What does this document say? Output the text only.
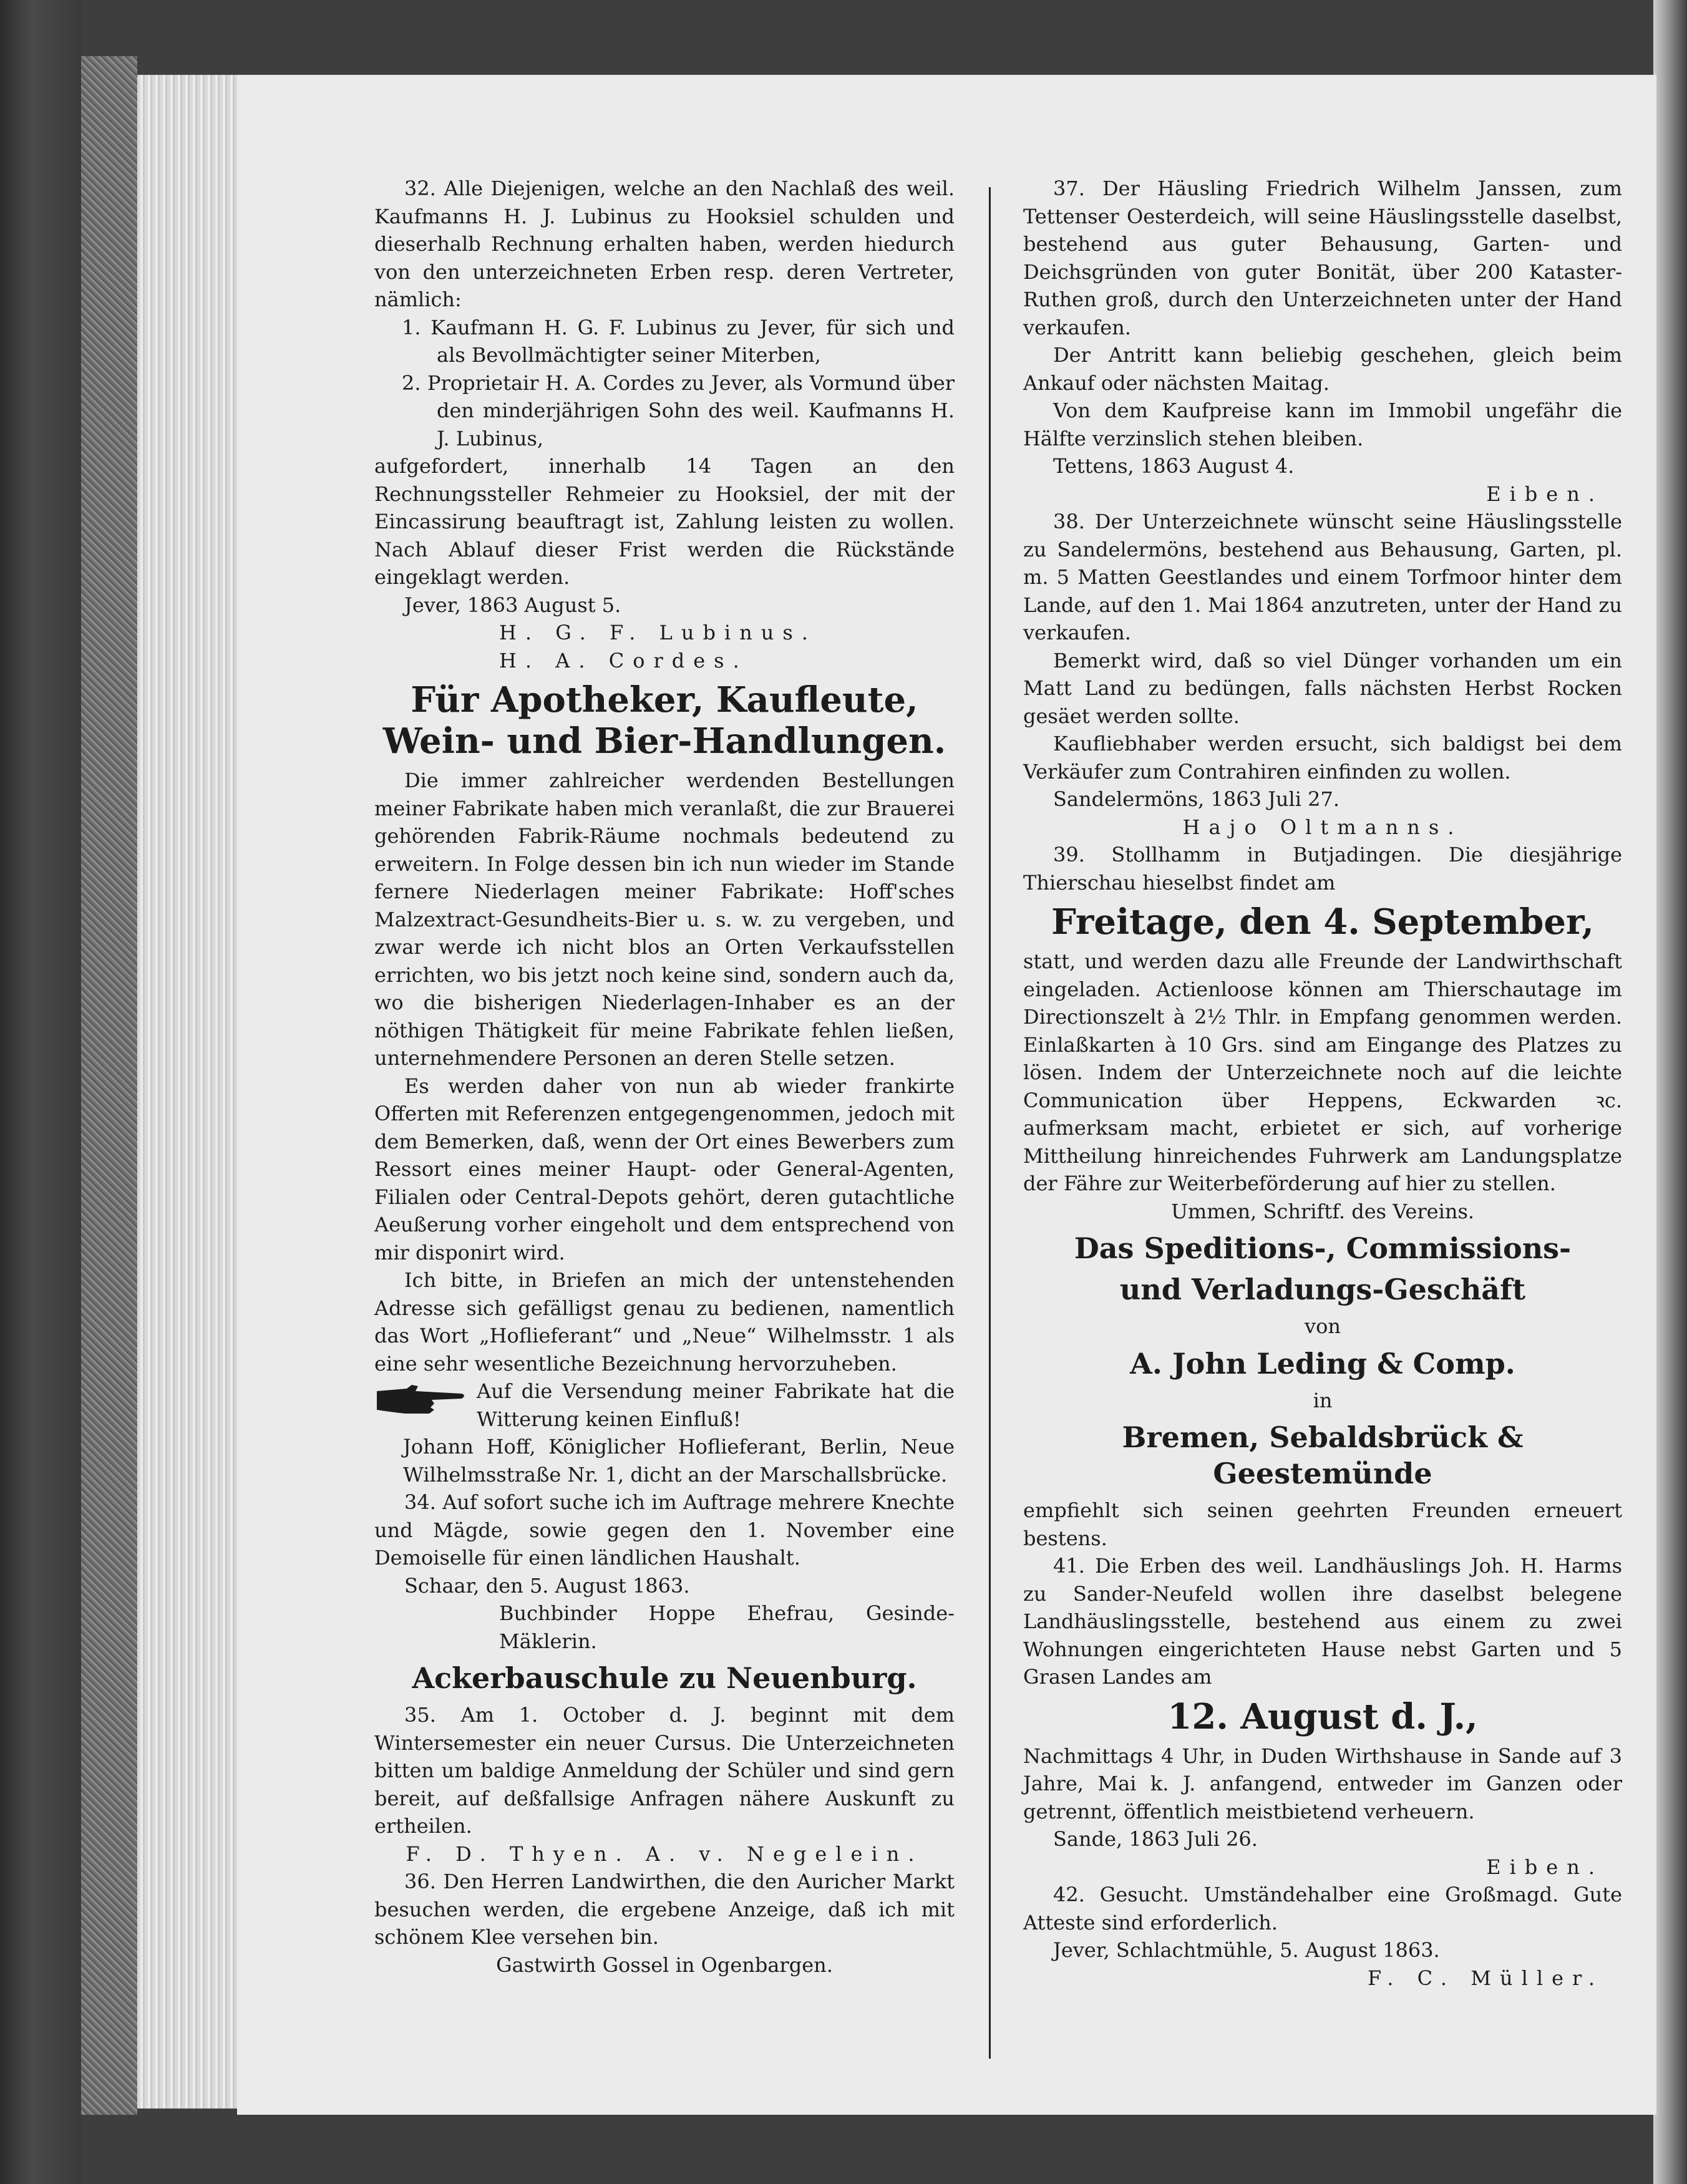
32. Alle Diejenigen, welche an den Nachlaß des weil. Kaufmanns H. J. Lubinus zu Hooksiel schulden und dieserhalb Rechnung erhalten haben, werden hiedurch von den unterzeichneten Erben resp. deren Vertreter, nämlich:

1. Kaufmann H. G. F. Lubinus zu Jever, für sich und als Bevollmächtigter seiner Miterben,

2. Proprietair H. A. Cordes zu Jever, als Vormund über den minderjährigen Sohn des weil. Kaufmanns H. J. Lubinus,

aufgefordert, innerhalb 14 Tagen an den Rechnungssteller Rehmeier zu Hooksiel, der mit der Eincassirung beauftragt ist, Zahlung leisten zu wollen. Nach Ablauf dieser Frist werden die Rückstände eingeklagt werden.

Jever, 1863 August 5.

H. G. F. Lubinus.

H. A. Cordes.

Für Apotheker, Kaufleute, Wein- und Bier-Handlungen.

Die immer zahlreicher werdenden Bestellungen meiner Fabrikate haben mich veranlaßt, die zur Brauerei gehörenden Fabrik-Räume nochmals bedeutend zu erweitern. In Folge dessen bin ich nun wieder im Stande fernere Niederlagen meiner Fabrikate: Hoff'sches Malzextract-Gesundheits-Bier u. s. w. zu vergeben, und zwar werde ich nicht blos an Orten Verkaufsstellen errichten, wo bis jetzt noch keine sind, sondern auch da, wo die bisherigen Niederlagen-Inhaber es an der nöthigen Thätigkeit für meine Fabrikate fehlen ließen, unternehmendere Personen an deren Stelle setzen.

Es werden daher von nun ab wieder frankirte Offerten mit Referenzen entgegengenommen, jedoch mit dem Bemerken, daß, wenn der Ort eines Bewerbers zum Ressort eines meiner Haupt- oder General-Agenten, Filialen oder Central-Depots gehört, deren gutachtliche Aeußerung vorher eingeholt und dem entsprechend von mir disponirt wird.

Ich bitte, in Briefen an mich der untenstehenden Adresse sich gefälligst genau zu bedienen, namentlich das Wort „Hoflieferant“ und „Neue“ Wilhelmsstr. 1 als eine sehr wesentliche Bezeichnung hervorzuheben.

Auf die Versendung meiner Fabrikate hat die Witterung keinen Einfluß!

Johann Hoff, Königlicher Hoflieferant, Berlin, Neue Wilhelmsstraße Nr. 1, dicht an der Marschallsbrücke.

34. Auf sofort suche ich im Auftrage mehrere Knechte und Mägde, sowie gegen den 1. November eine Demoiselle für einen ländlichen Haushalt.

Schaar, den 5. August 1863.

Buchbinder Hoppe Ehefrau, Gesinde-Mäklerin.

Ackerbauschule zu Neuenburg.

35. Am 1. October d. J. beginnt mit dem Wintersemester ein neuer Cursus. Die Unterzeichneten bitten um baldige Anmeldung der Schüler und sind gern bereit, auf deßfallsige Anfragen nähere Auskunft zu ertheilen.

F. D. Thyen. A. v. Negelein.

36. Den Herren Landwirthen, die den Auricher Markt besuchen werden, die ergebene Anzeige, daß ich mit schönem Klee versehen bin.

Gastwirth Gossel in Ogenbargen.

37. Der Häusling Friedrich Wilhelm Janssen, zum Tettenser Oesterdeich, will seine Häuslingsstelle daselbst, bestehend aus guter Behausung, Garten- und Deichsgründen von guter Bonität, über 200 Kataster-Ruthen groß, durch den Unterzeichneten unter der Hand verkaufen.

Der Antritt kann beliebig geschehen, gleich beim Ankauf oder nächsten Maitag.

Von dem Kaufpreise kann im Immobil ungefähr die Hälfte verzinslich stehen bleiben.

Tettens, 1863 August 4.

Eiben.

38. Der Unterzeichnete wünscht seine Häuslingsstelle zu Sandelermöns, bestehend aus Behausung, Garten, pl. m. 5 Matten Geestlandes und einem Torfmoor hinter dem Lande, auf den 1. Mai 1864 anzutreten, unter der Hand zu verkaufen.

Bemerkt wird, daß so viel Dünger vorhanden um ein Matt Land zu bedüngen, falls nächsten Herbst Rocken gesäet werden sollte.

Kaufliebhaber werden ersucht, sich baldigst bei dem Verkäufer zum Contrahiren einfinden zu wollen.

Sandelermöns, 1863 Juli 27.

Hajo Oltmanns.

39. Stollhamm in Butjadingen. Die diesjährige Thierschau hieselbst findet am

Freitage, den 4. September,

statt, und werden dazu alle Freunde der Landwirthschaft eingeladen. Actienloose können am Thierschautage im Directionszelt à 2½ Thlr. in Empfang genommen werden. Einlaßkarten à 10 Grs. sind am Eingange des Platzes zu lösen. Indem der Unterzeichnete noch auf die leichte Communication über Heppens, Eckwarden ꝛc. aufmerksam macht, erbietet er sich, auf vorherige Mittheilung hinreichendes Fuhrwerk am Landungsplatze der Fähre zur Weiterbeförderung auf hier zu stellen.

Ummen, Schriftf. des Vereins.

Das Speditions-, Commissions-
und Verladungs-Geschäft

von

A. John Leding & Comp.

in

Bremen, Sebaldsbrück & Geestemünde

empfiehlt sich seinen geehrten Freunden erneuert bestens.

41. Die Erben des weil. Landhäuslings Joh. H. Harms zu Sander-Neufeld wollen ihre daselbst belegene Landhäuslingsstelle, bestehend aus einem zu zwei Wohnungen eingerichteten Hause nebst Garten und 5 Grasen Landes am

12. August d. J.,

Nachmittags 4 Uhr, in Duden Wirthshause in Sande auf 3 Jahre, Mai k. J. anfangend, entweder im Ganzen oder getrennt, öffentlich meistbietend verheuern.

Sande, 1863 Juli 26.

Eiben.

42. Gesucht. Umständehalber eine Großmagd. Gute Atteste sind erforderlich.

Jever, Schlachtmühle, 5. August 1863.

F. C. Müller.
